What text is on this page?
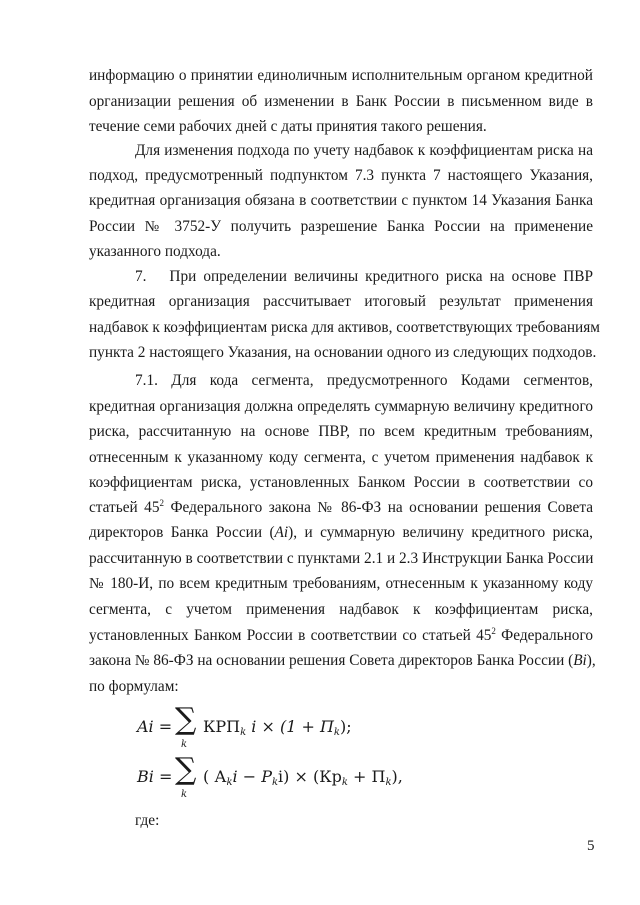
информацию о принятии единоличным исполнительным органом кредитной
организации решения об изменении в Банк России в письменном виде в
течение семи рабочих дней с даты принятия такого решения.
Для изменения подхода по учету надбавок к коэффициентам риска на
подход, предусмотренный подпунктом 7.3 пункта 7 настоящего Указания,
кредитная организация обязана в соответствии с пунктом 14 Указания Банка
России № 3752-У получить разрешение Банка России на применение
указанного подхода.
7.  При определении величины кредитного риска на основе ПВР
кредитная организация рассчитывает итоговый результат применения
надбавок к коэффициентам риска для активов, соответствующих требованиям
пункта 2 настоящего Указания, на основании одного из следующих подходов.
7.1. Для кода сегмента, предусмотренного Кодами сегментов,
кредитная организация должна определять суммарную величину кредитного
риска, рассчитанную на основе ПВР, по всем кредитным требованиям,
отнесенным к указанному коду сегмента, с учетом применения надбавок к
коэффициентам риска, установленных Банком России в соответствии со
статьей $45^2$ Федерального закона № 86-ФЗ на основании решения Совета
директоров Банка России (Ai), и суммарную величину кредитного риска,
рассчитанную в соответствии с пунктами 2.1 и 2.3 Инструкции Банка России
№ 180-И, по всем кредитным требованиям, отнесенным к указанному коду
сегмента, с учетом применения надбавок к коэффициентам риска,
установленных Банком России в соответствии со статьей $45^2$ Федерального
закона № 86-ФЗ на основании решения Совета директоров Банка России (Bi),
по формулам:
Ai = ∑
k
$КРП_k$ $i \times (1 + П_k)$;
Bi = ∑
k
( $А_ki - Р_ki) \times (Кр_k + П_k)$,
где:
5
